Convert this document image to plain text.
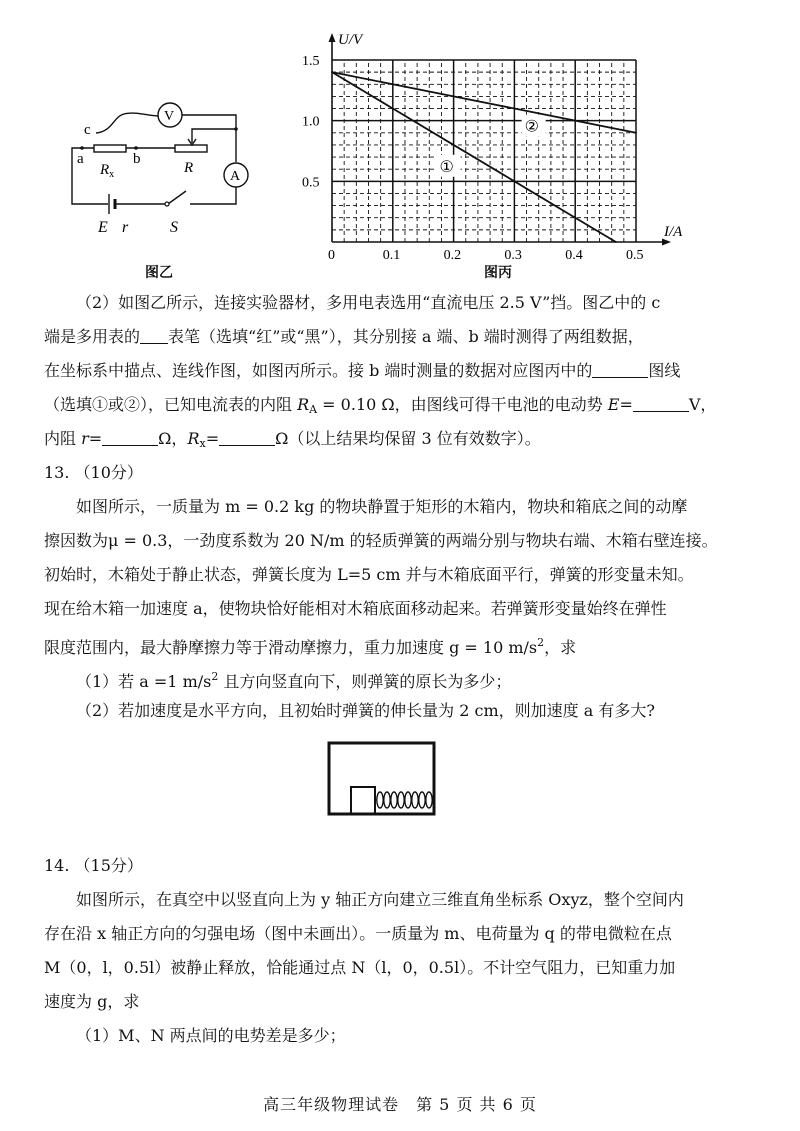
c
a	b
$R_x$	R
V
A
E r	S
图乙
0	0.1	0.2	0.3	0.4	0.5
0.5
1.0
1.5
U/V
I/A
①
②
图丙

（2）如图乙所示，连接实验器材，多用电表选用“直流电压 2.5 V”挡。图乙中的 c

端是多用表的 表笔（选填“红”或“黑”），其分别接 a 端、b 端时测得了两组数据，

在坐标系中描点、连线作图，如图丙所示。接 b 端时测量的数据对应图丙中的	图线

（选填①或②），已知电流表的内阻 RA = 0.10 Ω，由图线可得干电池的电动势 E=	V，

内阻 r=	Ω，Rx=	Ω（以上结果均保留 3 位有效数字）。

13. （10分）

如图所示，一质量为 m = 0.2 kg 的物块静置于矩形的木箱内，物块和箱底之间的动摩

擦因数为μ = 0.3，一劲度系数为 20 N/m 的轻质弹簧的两端分别与物块右端、木箱右壁连接。

初始时，木箱处于静止状态，弹簧长度为 L=5 cm 并与木箱底面平行，弹簧的形变量未知。

现在给木箱一加速度 a，使物块恰好能相对木箱底面移动起来。若弹簧形变量始终在弹性

限度范围内，最大静摩擦力等于滑动摩擦力，重力加速度 g = 10 $m/s^2$，求

（1）若 a =1 $m/s^2$ 且方向竖直向下，则弹簧的原长为多少；

（2）若加速度是水平方向，且初始时弹簧的伸长量为 2 cm，则加速度 a 有多大?

14. （15分）

如图所示，在真空中以竖直向上为 y 轴正方向建立三维直角坐标系 Oxyz，整个空间内

存在沿 x 轴正方向的匀强电场（图中未画出）。一质量为 m、电荷量为 q 的带电微粒在点

M（0，l，0.5l）被静止释放，恰能通过点 N（l，0，0.5l）。不计空气阻力，已知重力加

速度为 g，求

（1）M、N 两点间的电势差是多少；

高三年级物理试卷　第 5 页 共 6 页
